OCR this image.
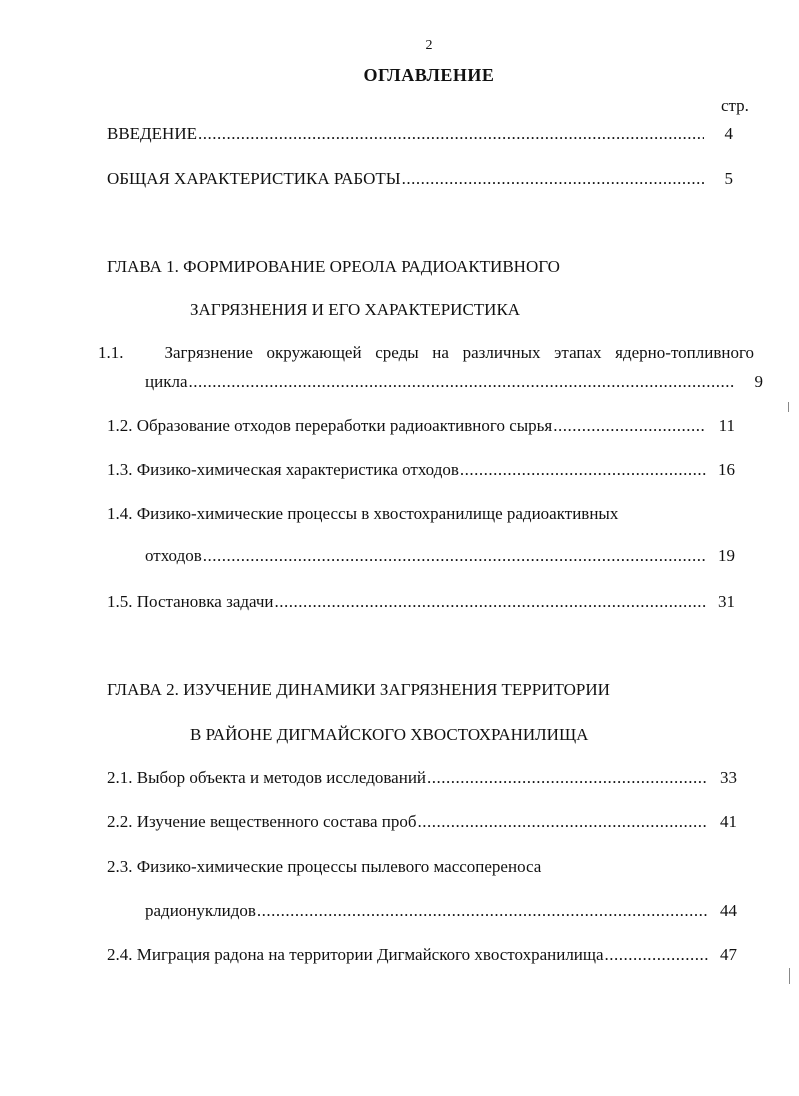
2
ОГЛАВЛЕНИЕ
стр.
ВВЕДЕНИЕ .....	4
ОБЩАЯ ХАРАКТЕРИСТИКА РАБОТЫ .....	5
ГЛАВА 1. ФОРМИРОВАНИЕ ОРЕОЛА РАДИОАКТИВНОГО
ЗАГРЯЗНЕНИЯ И ЕГО ХАРАКТЕРИСТИКА
1.1. Загрязнение окружающей среды на различных этапах ядерно-топливного
цикла .....	9
1.2. Образование отходов переработки радиоактивного сырья .....	11
1.3. Физико-химическая характеристика отходов .....	16
1.4. Физико-химические процессы в хвостохранилище радиоактивных
отходов .....	19
1.5. Постановка задачи .....	31
ГЛАВА 2. ИЗУЧЕНИЕ ДИНАМИКИ ЗАГРЯЗНЕНИЯ ТЕРРИТОРИИ
В РАЙОНЕ ДИГМАЙСКОГО ХВОСТОХРАНИЛИЩА
2.1. Выбор объекта и методов исследований .....	33
2.2. Изучение вещественного состава проб .....	41
2.3. Физико-химические процессы пылевого массопереноса
радионуклидов .....	44
2.4. Миграция радона на территории Дигмайского хвостохранилища .....	47
